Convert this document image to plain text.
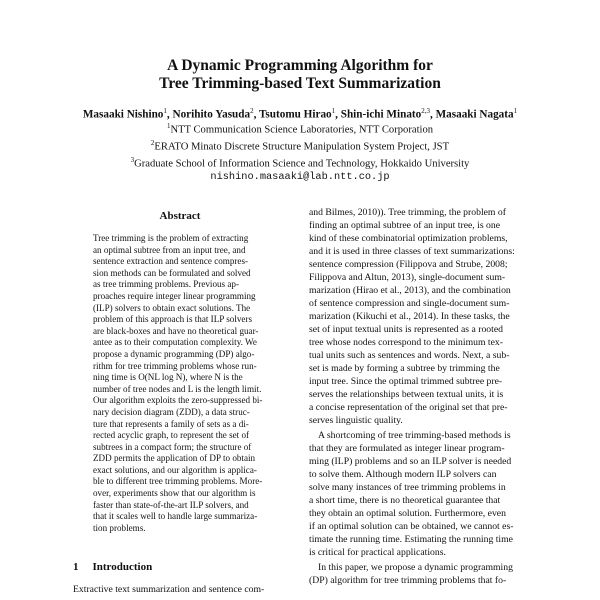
A Dynamic Programming Algorithm for
Tree Trimming-based Text Summarization
Masaaki Nishino$^1$, Norihito Yasuda$^2$, Tsutomu Hirao$^1$, Shin-ichi Minato$^{2,3}$, Masaaki Nagata$^1$
$^1$NTT Communication Science Laboratories, NTT Corporation
$^2$ERATO Minato Discrete Structure Manipulation System Project, JST
$^3$Graduate School of Information Science and Technology, Hokkaido University
nishino.masaaki@lab.ntt.co.jp
Abstract
Tree trimming is the problem of extracting
an optimal subtree from an input tree, and
sentence extraction and sentence compres-
sion methods can be formulated and solved
as tree trimming problems. Previous ap-
proaches require integer linear programming
(ILP) solvers to obtain exact solutions. The
problem of this approach is that ILP solvers
are black-boxes and have no theoretical guar-
antee as to their computation complexity. We
propose a dynamic programming (DP) algo-
rithm for tree trimming problems whose run-
ning time is O(NL log N), where N is the
number of tree nodes and L is the length limit.
Our algorithm exploits the zero-suppressed bi-
nary decision diagram (ZDD), a data struc-
ture that represents a family of sets as a di-
rected acyclic graph, to represent the set of
subtrees in a compact form; the structure of
ZDD permits the application of DP to obtain
exact solutions, and our algorithm is applica-
ble to different tree trimming problems. More-
over, experiments show that our algorithm is
faster than state-of-the-art ILP solvers, and
that it scales well to handle large summariza-
tion problems.
1 Introduction
Extractive text summarization and sentence com-
and Bilmes, 2010)). Tree trimming, the problem of
finding an optimal subtree of an input tree, is one
kind of these combinatorial optimization problems,
and it is used in three classes of text summarizations:
sentence compression (Filippova and Strube, 2008;
Filippova and Altun, 2013), single-document sum-
marization (Hirao et al., 2013), and the combination
of sentence compression and single-document sum-
marization (Kikuchi et al., 2014). In these tasks, the
set of input textual units is represented as a rooted
tree whose nodes correspond to the minimum tex-
tual units such as sentences and words. Next, a sub-
set is made by forming a subtree by trimming the
input tree. Since the optimal trimmed subtree pre-
serves the relationships between textual units, it is
a concise representation of the original set that pre-
serves linguistic quality.
A shortcoming of tree trimming-based methods is
that they are formulated as integer linear program-
ming (ILP) problems and so an ILP solver is needed
to solve them. Although modern ILP solvers can
solve many instances of tree trimming problems in
a short time, there is no theoretical guarantee that
they obtain an optimal solution. Furthermore, even
if an optimal solution can be obtained, we cannot es-
timate the running time. Estimating the running time
is critical for practical applications.
In this paper, we propose a dynamic programming
(DP) algorithm for tree trimming problems that fo-
